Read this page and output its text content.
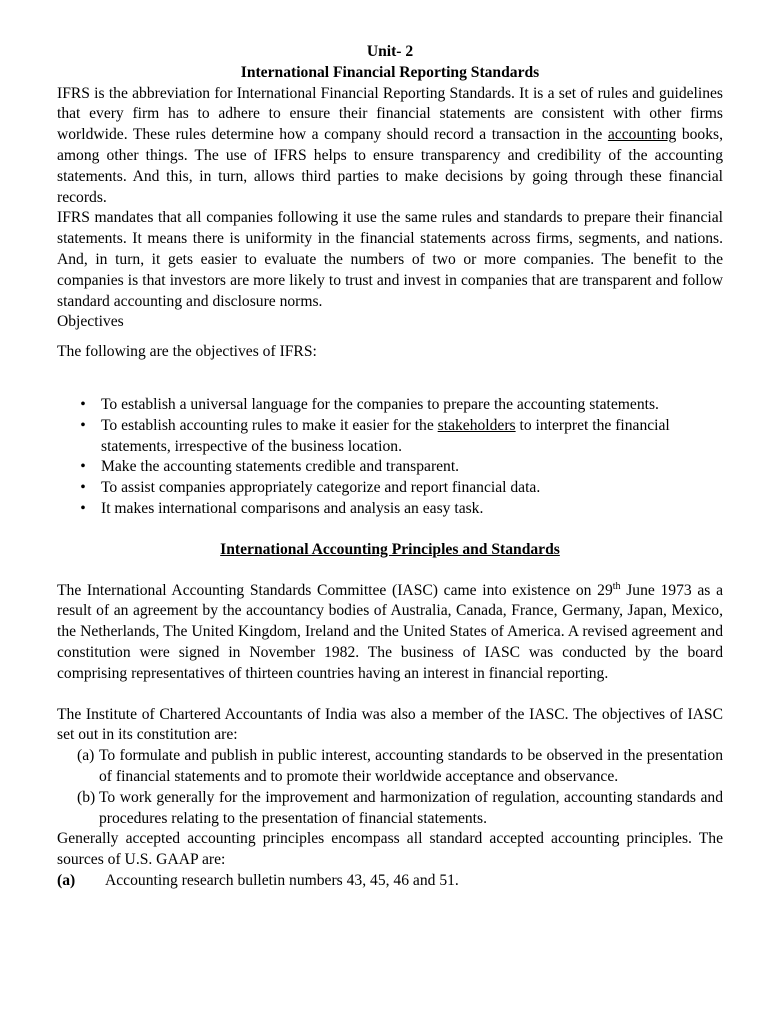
Unit- 2
International Financial Reporting Standards

IFRS is the abbreviation for International Financial Reporting Standards. It is a set of rules and guidelines that every firm has to adhere to ensure their financial statements are consistent with other firms worldwide. These rules determine how a company should record a transaction in the accounting books, among other things. The use of IFRS helps to ensure transparency and credibility of the accounting statements. And this, in turn, allows third parties to make decisions by going through these financial records.

IFRS mandates that all companies following it use the same rules and standards to prepare their financial statements. It means there is uniformity in the financial statements across firms, segments, and nations. And, in turn, it gets easier to evaluate the numbers of two or more companies. The benefit to the companies is that investors are more likely to trust and invest in companies that are transparent and follow standard accounting and disclosure norms.

Objectives
The following are the objectives of IFRS:
• To establish a universal language for the companies to prepare the accounting statements.
• To establish accounting rules to make it easier for the stakeholders to interpret the financial statements, irrespective of the business location.
• Make the accounting statements credible and transparent.
• To assist companies appropriately categorize and report financial data.
• It makes international comparisons and analysis an easy task.
International Accounting Principles and Standards

The International Accounting Standards Committee (IASC) came into existence on 29th June 1973 as a result of an agreement by the accountancy bodies of Australia, Canada, France, Germany, Japan, Mexico, the Netherlands, The United Kingdom, Ireland and the United States of America. A revised agreement and constitution were signed in November 1982. The business of IASC was conducted by the board comprising representatives of thirteen countries having an interest in financial reporting.

The Institute of Chartered Accountants of India was also a member of the IASC. The objectives of IASC set out in its constitution are:

(a) To formulate and publish in public interest, accounting standards to be observed in the presentation of financial statements and to promote their worldwide acceptance and observance.
(b) To work generally for the improvement and harmonization of regulation, accounting standards and procedures relating to the presentation of financial statements.

Generally accepted accounting principles encompass all standard accepted accounting principles. The sources of U.S. GAAP are:

(a) Accounting research bulletin numbers 43, 45, 46 and 51.
